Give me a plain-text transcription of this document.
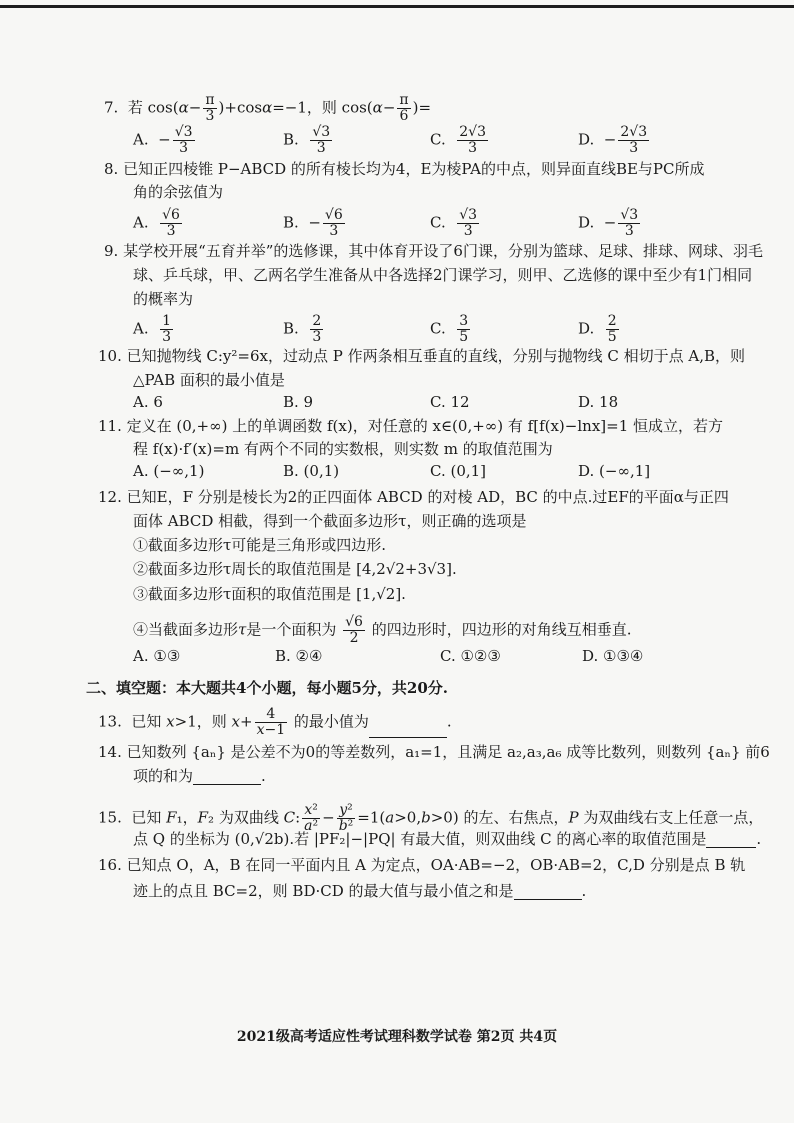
7.  若 $\cos(\alpha- \frac{\pi}{3} )+\cos\alpha=-1$，则 $\cos(\alpha- \frac{\pi}{6}$ )=
A.  − $\frac{√3}{3}$	B. $\frac{√3}{3}$	C. $\frac{2√3}{3}$	D.  − $\frac{2√3}{3}$
8. 已知正四棱锥 P−ABCD 的所有棱长均为4，E为棱PA的中点，则异面直线BE与PC所成
角的余弦值为
A. $\frac{√6}{3}$	B.  − $\frac{√6}{3}$	C. $\frac{√3}{3}$	D.  − $\frac{√3}{3}$
9. 某学校开展“五育并举”的选修课，其中体育开设了6门课，分别为篮球、足球、排球、网球、羽毛
球、乒乓球，甲、乙两名学生准备从中各选择2门课学习，则甲、乙选修的课中至少有1门相同
的概率为
A. $\frac{1}{3}$	B. $\frac{2}{3}$	C. $\frac{3}{5}$	D. $\frac{2}{5}$
10. 已知抛物线 C:y²=6x，过动点 P 作两条相互垂直的直线，分别与抛物线 C 相切于点 A,B，则
△PAB 面积的最小值是
A. 6	B. 9	C. 12	D. 18
11. 定义在 (0,+∞) 上的单调函数 f(x)，对任意的 x∈(0,+∞) 有 f[f(x)−lnx]=1 恒成立，若方
程 f(x)·f′(x)=m 有两个不同的实数根，则实数 m 的取值范围为
A. (−∞,1)	B. (0,1)	C. (0,1]	D. (−∞,1]
12. 已知E，F 分别是棱长为2的正四面体 ABCD 的对棱 AD，BC 的中点.过EF的平面α与正四
面体 ABCD 相截，得到一个截面多边形τ，则正确的选项是
①截面多边形τ可能是三角形或四边形.
②截面多边形τ周长的取值范围是 [4,2√2+3√3].
③截面多边形τ面积的取值范围是 [1,√2].
④当截面多边形τ是一个面积为 $\frac{√6}{2}$ 的四边形时，四边形的对角线互相垂直.
A. ①③	B. ②④	C. ①②③	D. ①③④
二、填空题：本大题共4个小题，每小题5分，共20分.
13.  已知 x>1，则 $x+ \frac{4}{x-1}$ 的最小值为	.
14. 已知数列 {aₙ} 是公差不为0的等差数列，a₁=1，且满足 a₂,a₃,a₆ 成等比数列，则数列 {aₙ} 前6
项的和为	.
15.  已知 F₁，F₂ 为双曲线 C: $\frac{\text{x²}}{\text{a²}} - \frac{\text{y²}}{\text{b²}} =1(a>0,b>0)$ 的左、右焦点，P 为双曲线右支上任意一点，
点 Q 的坐标为 (0,√2b).若 |PF₂|−|PQ| 有最大值，则双曲线 C 的离心率的取值范围是	.
16. 已知点 O，A，B 在同一平面内且 A 为定点，OA·AB=−2，OB·AB=2，C,D 分别是点 B 轨
迹上的点且 BC=2，则 BD·CD 的最大值与最小值之和是	.
2021级高考适应性考试理科数学试卷 第2页 共4页
